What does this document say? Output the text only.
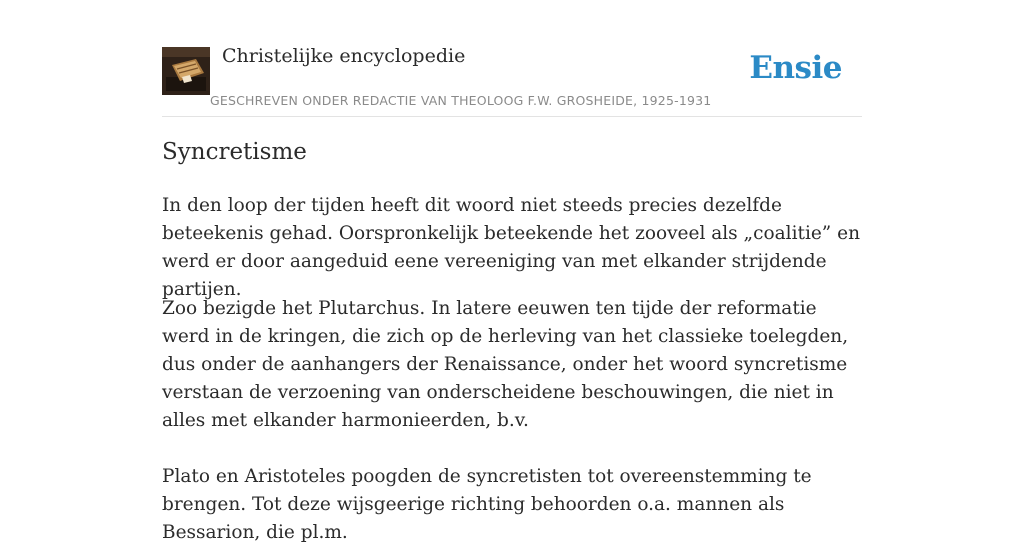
Christelijke encyclopedie
GESCHREVEN ONDER REDACTIE VAN THEOLOOG F.W. GROSHEIDE, 1925-1931
Ensie
Syncretisme

In den loop der tijden heeft dit woord niet steeds precies dezelfde beteekenis gehad. Oorspronkelijk beteekende het zooveel als „coalitie” en werd er door aangeduid eene vereeniging van met elkander strijdende partijen.

Zoo bezigde het Plutarchus. In latere eeuwen ten tijde der reformatie werd in de kringen, die zich op de herleving van het classieke toelegden, dus onder de aanhangers der Renaissance, onder het woord syncretisme verstaan de verzoening van onderscheidene beschouwingen, die niet in alles met elkander harmonieerden, b.v.

Plato en Aristoteles poogden de syncretisten tot overeenstemming te brengen. Tot deze wijsgeerige richting behoorden o.a. mannen als Bessarion, die pl.m.
